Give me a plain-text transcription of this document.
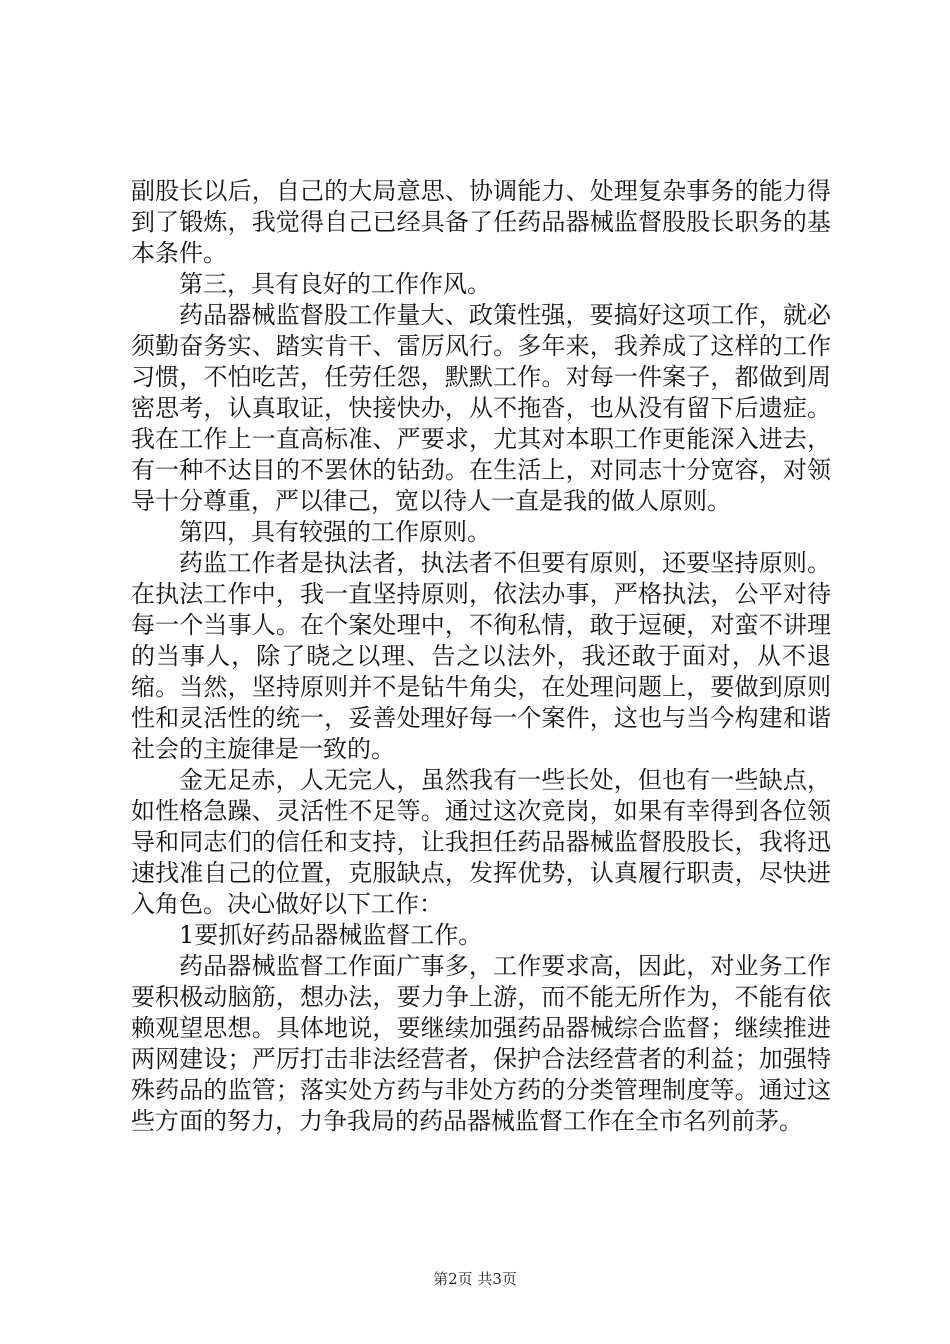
副股长以后，自己的大局意思、协调能力、处理复杂事务的能力得到了锻炼，我觉得自己已经具备了任药品器械监督股股长职务的基本条件。

第三，具有良好的工作作风。

药品器械监督股工作量大、政策性强，要搞好这项工作，就必须勤奋务实、踏实肯干、雷厉风行。多年来，我养成了这样的工作习惯，不怕吃苦，任劳任怨，默默工作。对每一件案子，都做到周密思考，认真取证，快接快办，从不拖沓，也从没有留下后遗症。我在工作上一直高标准、严要求，尤其对本职工作更能深入进去，有一种不达目的不罢休的钻劲。在生活上，对同志十分宽容，对领导十分尊重，严以律己，宽以待人一直是我的做人原则。

第四，具有较强的工作原则。

药监工作者是执法者，执法者不但要有原则，还要坚持原则。在执法工作中，我一直坚持原则，依法办事，严格执法，公平对待每一个当事人。在个案处理中，不徇私情，敢于逗硬，对蛮不讲理的当事人，除了晓之以理、告之以法外，我还敢于面对，从不退缩。当然，坚持原则并不是钻牛角尖，在处理问题上，要做到原则性和灵活性的统一，妥善处理好每一个案件，这也与当今构建和谐社会的主旋律是一致的。

金无足赤，人无完人，虽然我有一些长处，但也有一些缺点，如性格急躁、灵活性不足等。通过这次竞岗，如果有幸得到各位领导和同志们的信任和支持，让我担任药品器械监督股股长，我将迅速找准自己的位置，克服缺点，发挥优势，认真履行职责，尽快进入角色。决心做好以下工作：

1要抓好药品器械监督工作。

药品器械监督工作面广事多，工作要求高，因此，对业务工作要积极动脑筋，想办法，要力争上游，而不能无所作为，不能有依赖观望思想。具体地说，要继续加强药品器械综合监督；继续推进两网建设；严厉打击非法经营者，保护合法经营者的利益；加强特殊药品的监管；落实处方药与非处方药的分类管理制度等。通过这些方面的努力，力争我局的药品器械监督工作在全市名列前茅。

第2页 共3页
